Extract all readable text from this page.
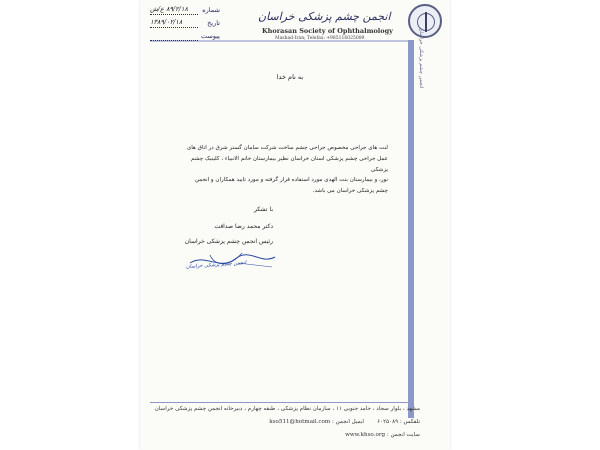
انجمن چشم پزشکی خراسان
Khorasan Society of Ophthalmology
Mashad-Iran; Telefax: +985116025089
شماره
۸۹/۲/۱۸ ع/ش
تاریخ
۱۳۸۹/۰۲/۱۸
پیوست
به نام خدا
لنت های جراحی مخصوص جراحی چشم ساخت شرکت سامان گستر شرق در اتاق های
عمل جراحی چشم پزشکی استان خراسان نظیر بیمارستان خاتم الانبیاء ، کلینیک چشم پزشکی
نور، و بیمارستان بنت الهدی مورد استفاده قرار گرفته و مورد تایید همکاران و انجمن
چشم پزشکی خراسان می باشد.
با تشکر
دکتر محمد رضا صداقت
رئیس انجمن چشم پزشکی خراسان
انجمن چشم پزشکی خراسان
مشهد ، بلوار سجاد ، حامد جنوبی ۱۱ ، سازمان نظام پزشکی ، طبقه چهارم ، دبیرخانه انجمن چشم پزشکی خراسان
تلفکس : ۶۰۲۵۰۸۹    ایمیل انجمن : kso511@hotmail.com
سایت انجمن : www.khso.org
